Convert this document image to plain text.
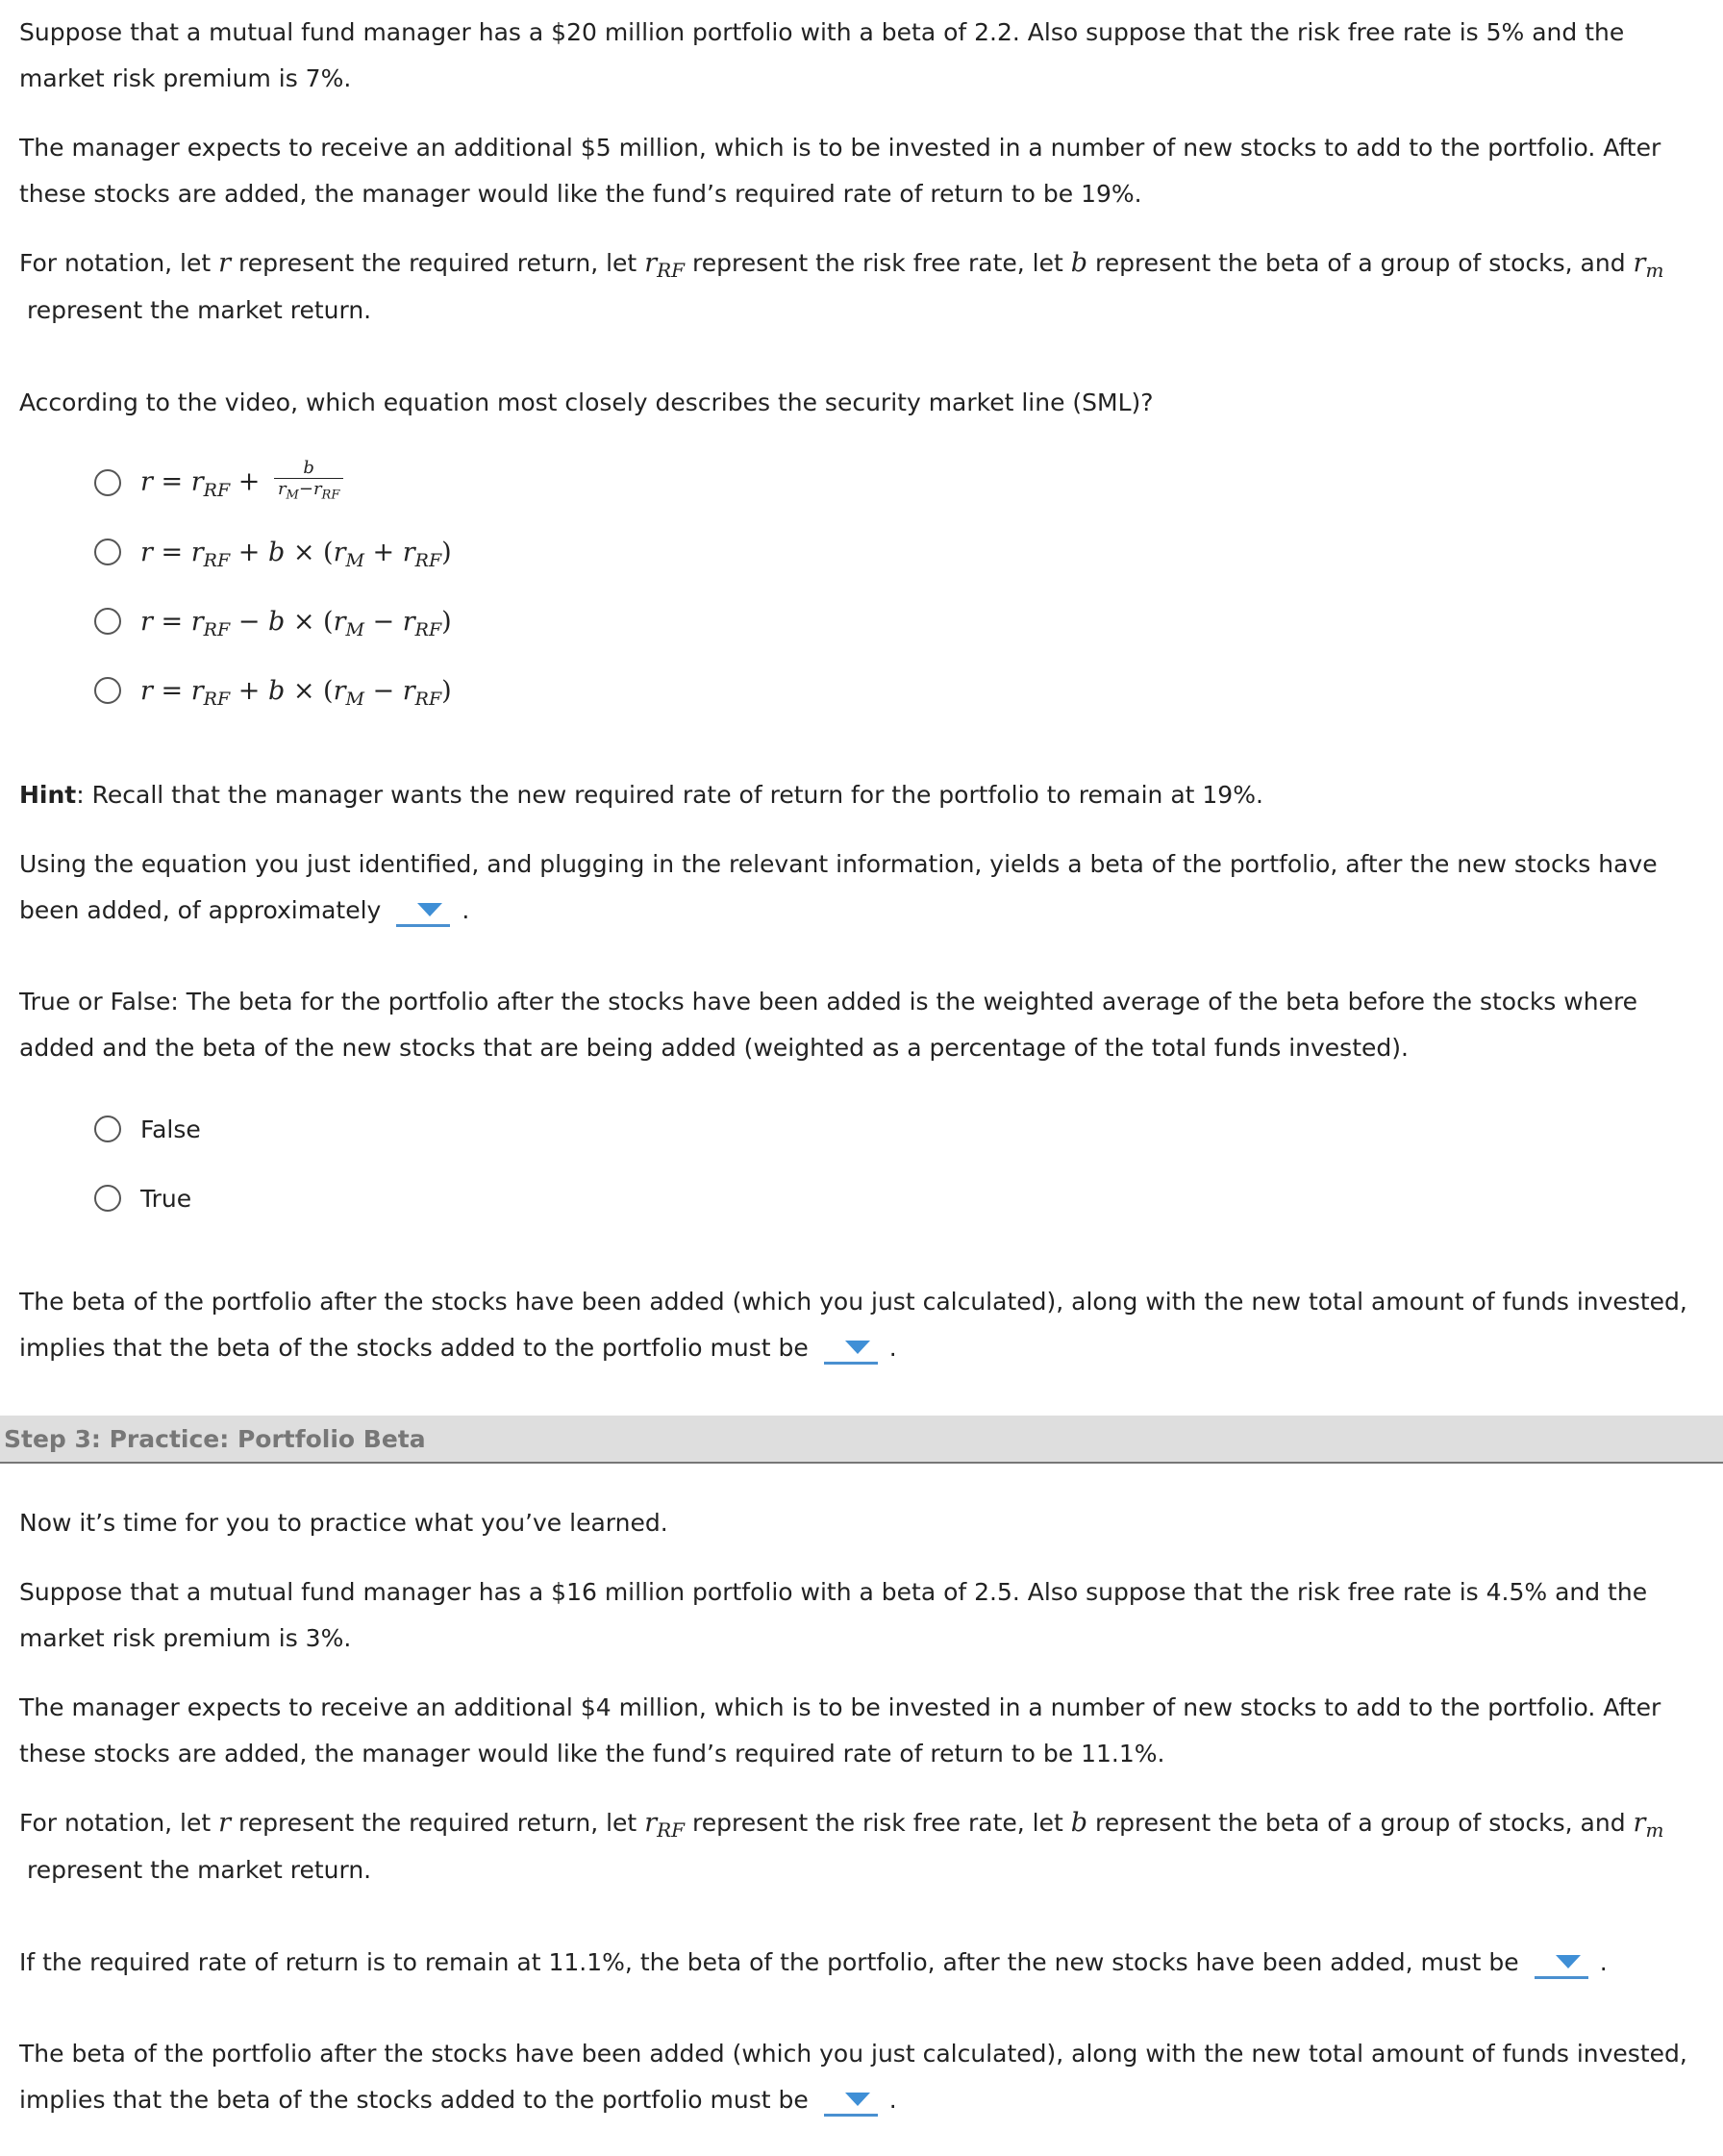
Suppose that a mutual fund manager has a $20 million portfolio with a beta of 2.2. Also suppose that the risk free rate is 5% and the market risk premium is 7%.

The manager expects to receive an additional $5 million, which is to be invested in a number of new stocks to add to the portfolio. After these stocks are added, the manager would like the fund’s required rate of return to be 19%.

For notation, let r represent the required return, let $r_{RF}$ represent the risk free rate, let b represent the beta of a group of stocks, and $r_m$
represent the market return.

According to the video, which equation most closely describes the security market line (SML)?

$r = r_{RF} + \frac{b}{r_M-r_{RF}}$
$r = r_{RF} + b \times (r_M + r_{RF})$
$r = r_{RF} - b \times (r_M - r_{RF})$
$r = r_{RF} + b \times (r_M - r_{RF})$

Hint: Recall that the manager wants the new required rate of return for the portfolio to remain at 19%.

Using the equation you just identified, and plugging in the relevant information, yields a beta of the portfolio, after the new stocks have been added, of approximately	.

True or False: The beta for the portfolio after the stocks have been added is the weighted average of the beta before the stocks where added and the beta of the new stocks that are being added (weighted as a percentage of the total funds invested).

False
True

The beta of the portfolio after the stocks have been added (which you just calculated), along with the new total amount of funds invested, implies that the beta of the stocks added to the portfolio must be	.

Step 3: Practice: Portfolio Beta

Now it’s time for you to practice what you’ve learned.

Suppose that a mutual fund manager has a $16 million portfolio with a beta of 2.5. Also suppose that the risk free rate is 4.5% and the market risk premium is 3%.

The manager expects to receive an additional $4 million, which is to be invested in a number of new stocks to add to the portfolio. After these stocks are added, the manager would like the fund’s required rate of return to be 11.1%.

For notation, let r represent the required return, let $r_{RF}$ represent the risk free rate, let b represent the beta of a group of stocks, and $r_m$
represent the market return.

If the required rate of return is to remain at 11.1%, the beta of the portfolio, after the new stocks have been added, must be	.

The beta of the portfolio after the stocks have been added (which you just calculated), along with the new total amount of funds invested, implies that the beta of the stocks added to the portfolio must be	.
